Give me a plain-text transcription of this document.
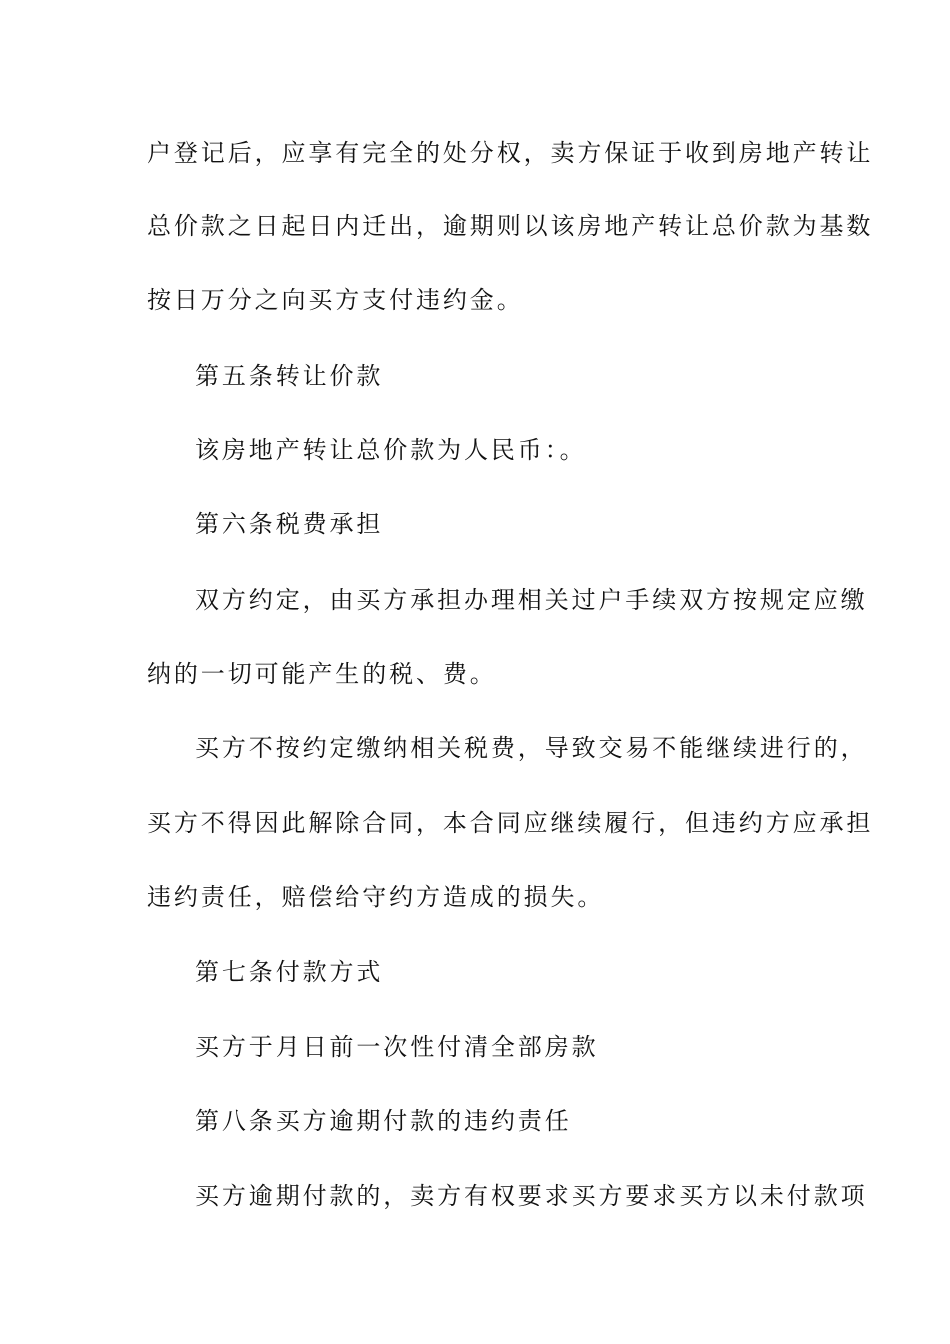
户登记后，应享有完全的处分权，卖方保证于收到房地产转让
总价款之日起日内迁出，逾期则以该房地产转让总价款为基数
按日万分之向买方支付违约金。
第五条转让价款
该房地产转让总价款为人民币：。
第六条税费承担
双方约定，由买方承担办理相关过户手续双方按规定应缴
纳的一切可能产生的税、费。
买方不按约定缴纳相关税费，导致交易不能继续进行的，
买方不得因此解除合同，本合同应继续履行，但违约方应承担
违约责任，赔偿给守约方造成的损失。
第七条付款方式
买方于月日前一次性付清全部房款
第八条买方逾期付款的违约责任
买方逾期付款的，卖方有权要求买方要求买方以未付款项
